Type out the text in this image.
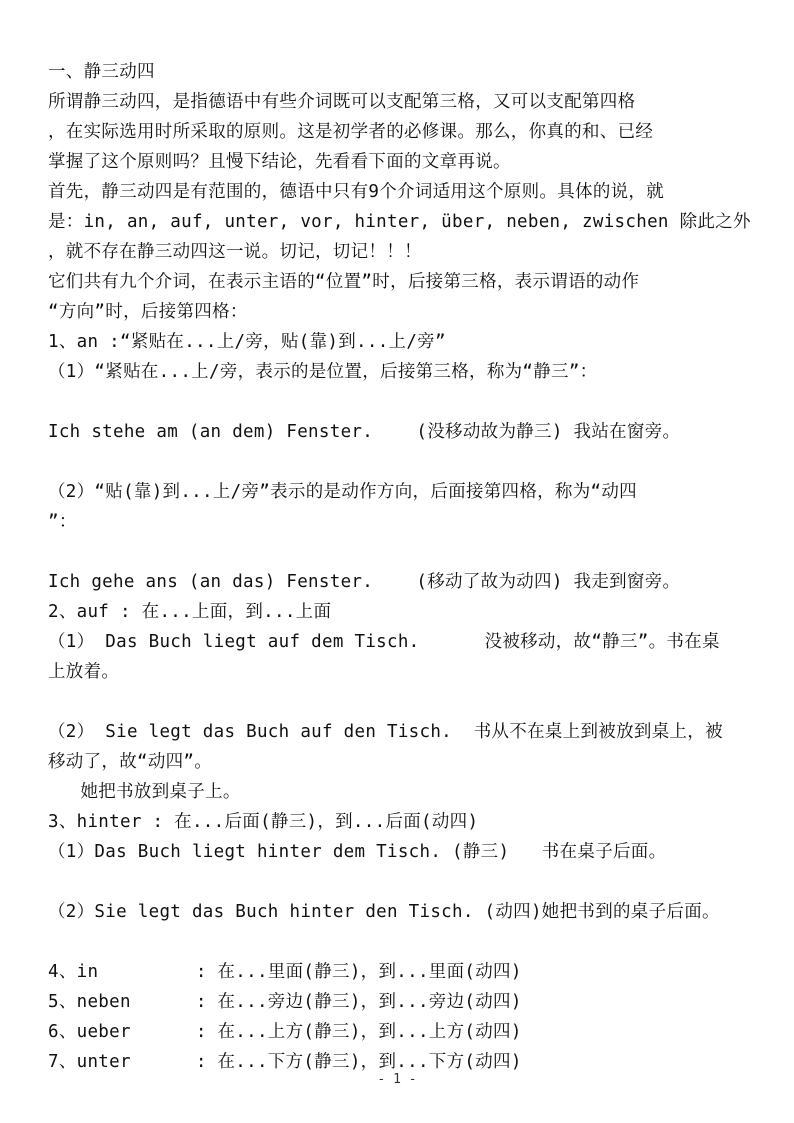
一、静三动四
所谓静三动四，是指德语中有些介词既可以支配第三格，又可以支配第四格
，在实际选用时所采取的原则。这是初学者的必修课。那么，你真的和、已经
掌握了这个原则吗？且慢下结论，先看看下面的文章再说。
首先，静三动四是有范围的，德语中只有9个介词适用这个原则。具体的说，就
是：in, an, auf, unter, vor, hinter, über, neben, zwischen 除此之外
，就不存在静三动四这一说。切记，切记！！！
它们共有九个介词，在表示主语的“位置”时，后接第三格，表示谓语的动作
“方向”时，后接第四格：
1、an :“紧贴在...上/旁，贴(靠)到...上/旁”
（1）“紧贴在...上/旁，表示的是位置，后接第三格，称为“静三”：
Ich stehe am (an dem) Fenster.    (没移动故为静三) 我站在窗旁。
（2）“贴(靠)到...上/旁”表示的是动作方向，后面接第四格，称为“动四
”：
Ich gehe ans (an das) Fenster.    (移动了故为动四) 我走到窗旁。
2、auf : 在...上面，到...上面
（1） Das Buch liegt auf dem Tisch.      没被移动，故“静三”。书在桌
上放着。
（2） Sie legt das Buch auf den Tisch.  书从不在桌上到被放到桌上，被
移动了，故“动四”。
她把书放到桌子上。
3、hinter : 在...后面(静三)，到...后面(动四)
（1）Das Buch liegt hinter dem Tisch. (静三)   书在桌子后面。
（2）Sie legt das Buch hinter den Tisch. (动四)她把书到的桌子后面。
4、in         : 在...里面(静三)，到...里面(动四)
5、neben      : 在...旁边(静三)，到...旁边(动四)
6、ueber      : 在...上方(静三)，到...上方(动四)
7、unter      : 在...下方(静三)，到...下方(动四)
- 1 -
